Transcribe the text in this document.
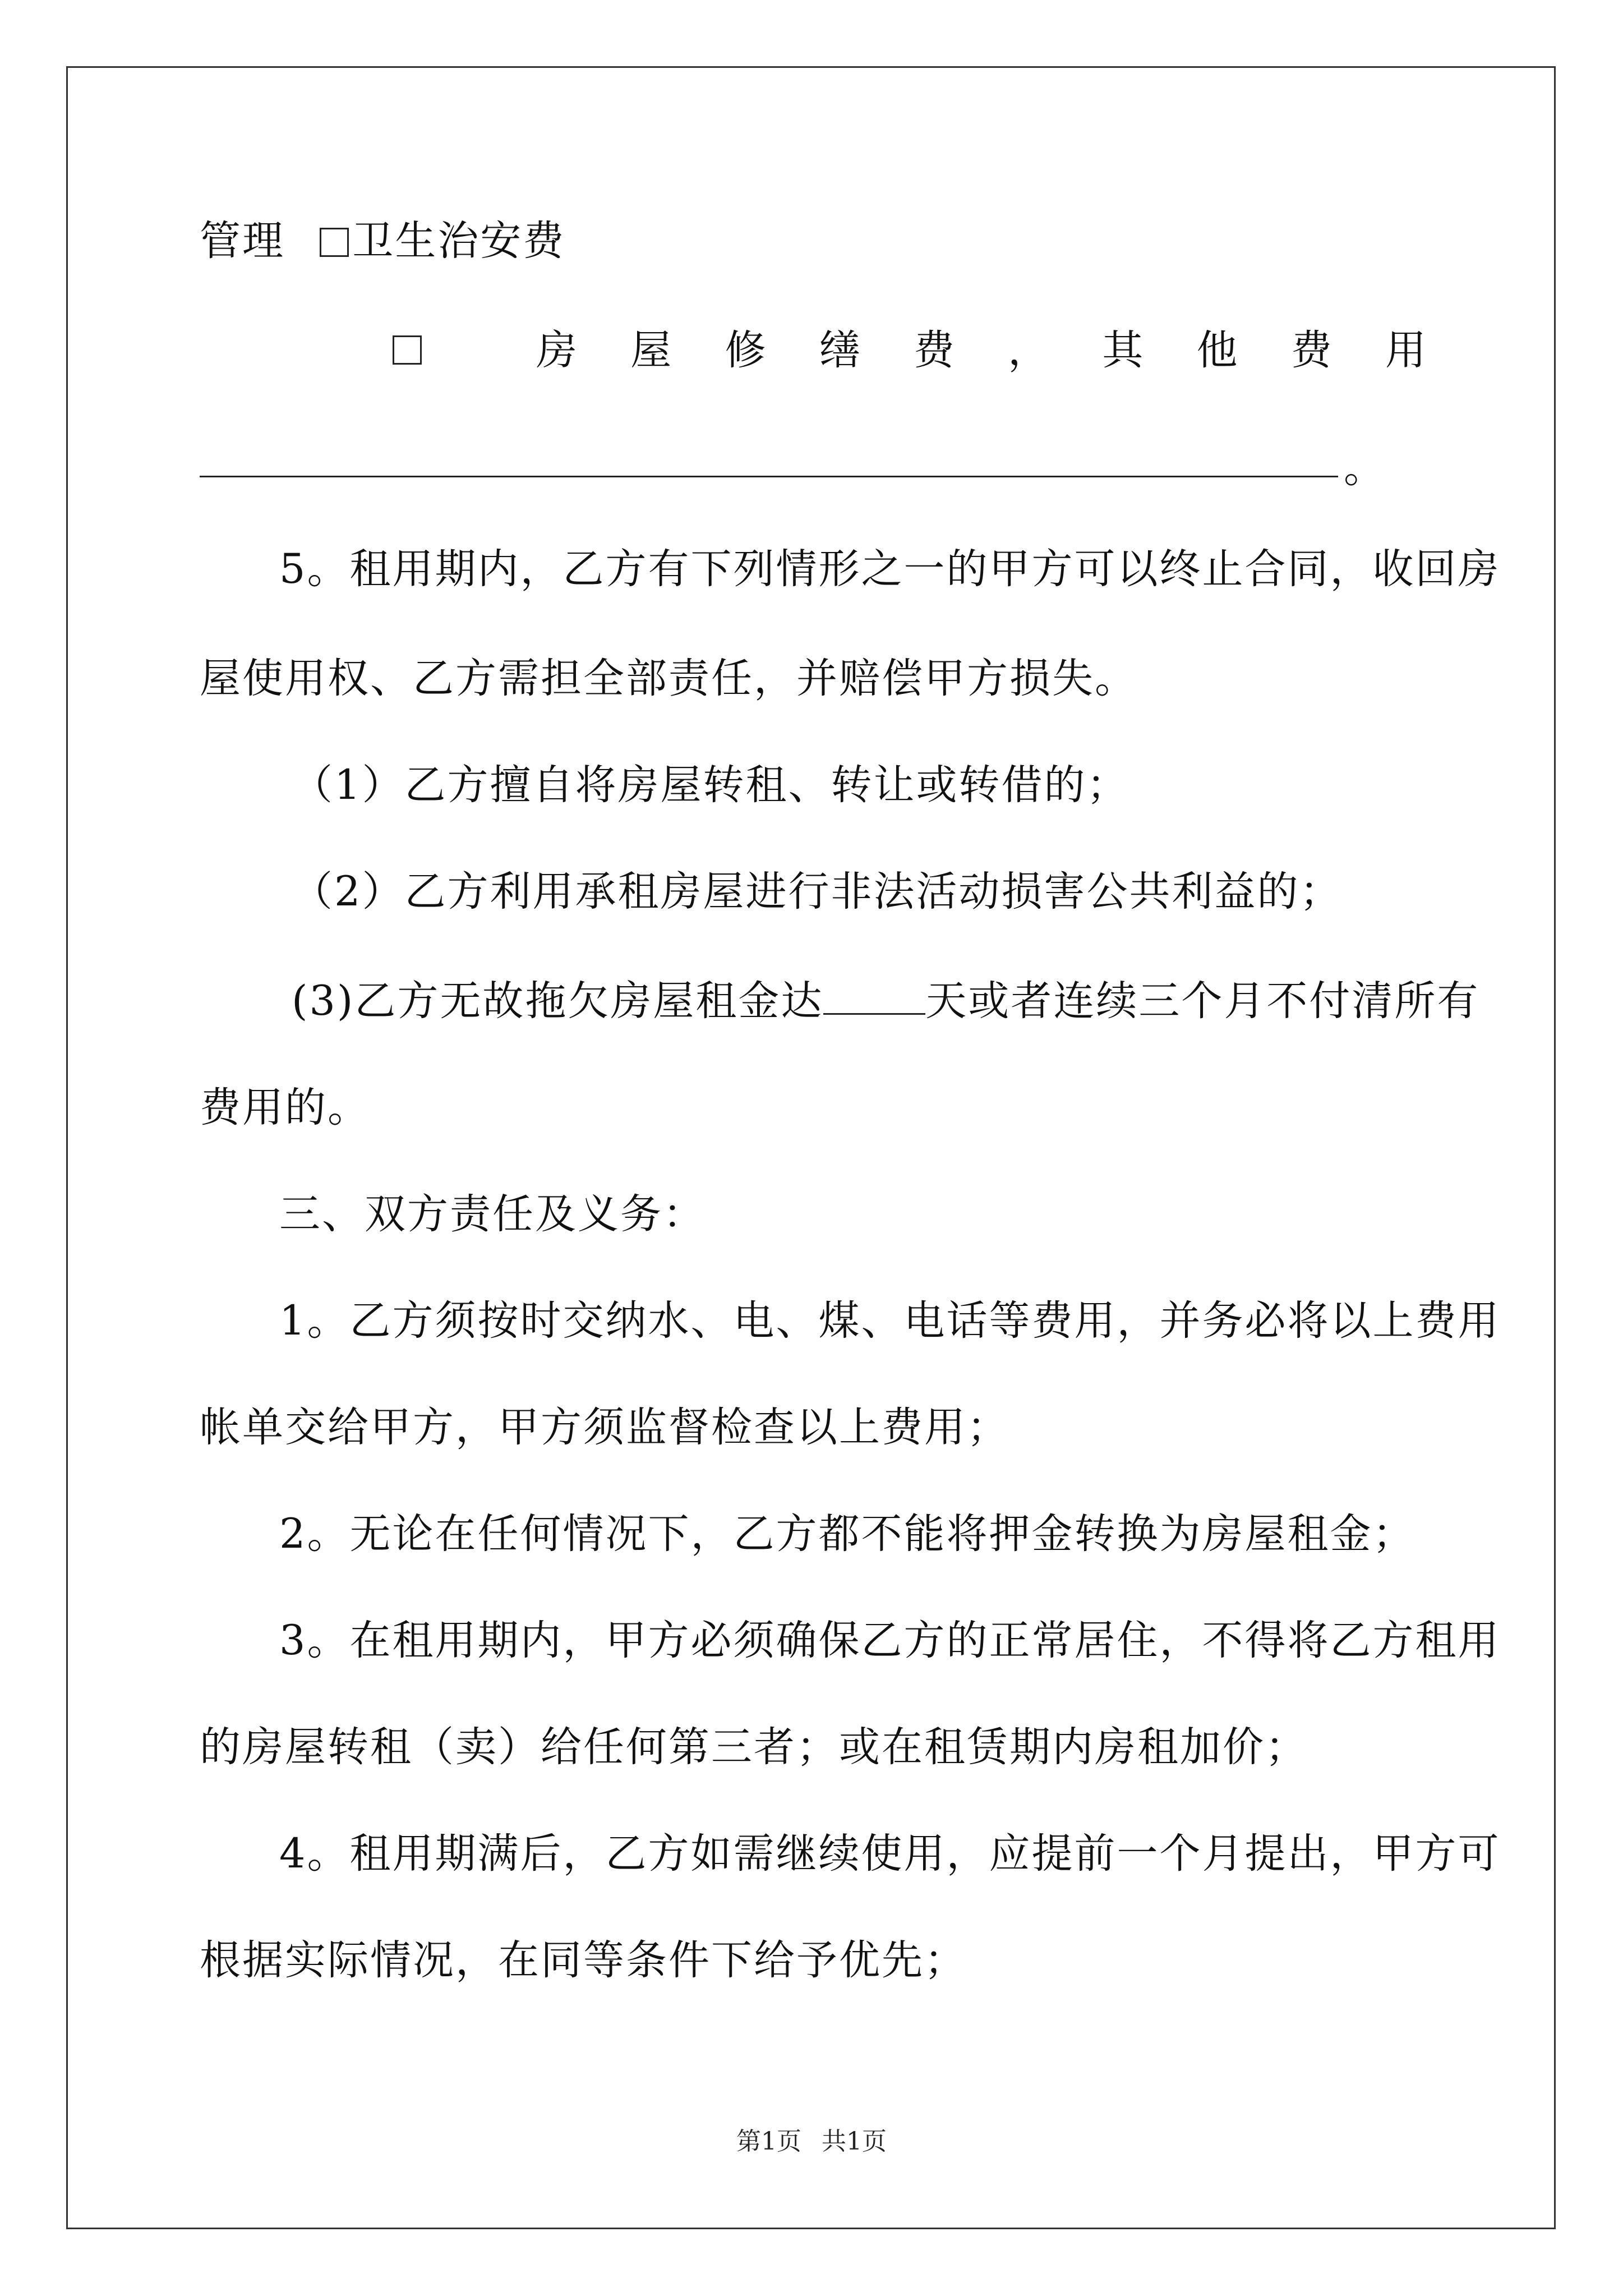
管理 卫生治安费
房 屋 修 缮 费 ， 其 他 费 用
。
5。租用期内，乙方有下列情形之一的甲方可以终止合同，收回房
屋使用权、乙方需担全部责任，并赔偿甲方损失。
（1）乙方擅自将房屋转租、转让或转借的；
（2）乙方利用承租房屋进行非法活动损害公共利益的；
(3)乙方无故拖欠房屋租金达 天或者连续三个月不付清所有
费用的。
三、双方责任及义务：
1。乙方须按时交纳水、电、煤、电话等费用，并务必将以上费用
帐单交给甲方，甲方须监督检查以上费用；
2。无论在任何情况下，乙方都不能将押金转换为房屋租金；
3。在租用期内，甲方必须确保乙方的正常居住，不得将乙方租用
的房屋转租（卖）给任何第三者；或在租赁期内房租加价；
4。租用期满后，乙方如需继续使用，应提前一个月提出，甲方可
根据实际情况，在同等条件下给予优先；
第1页 共1页
